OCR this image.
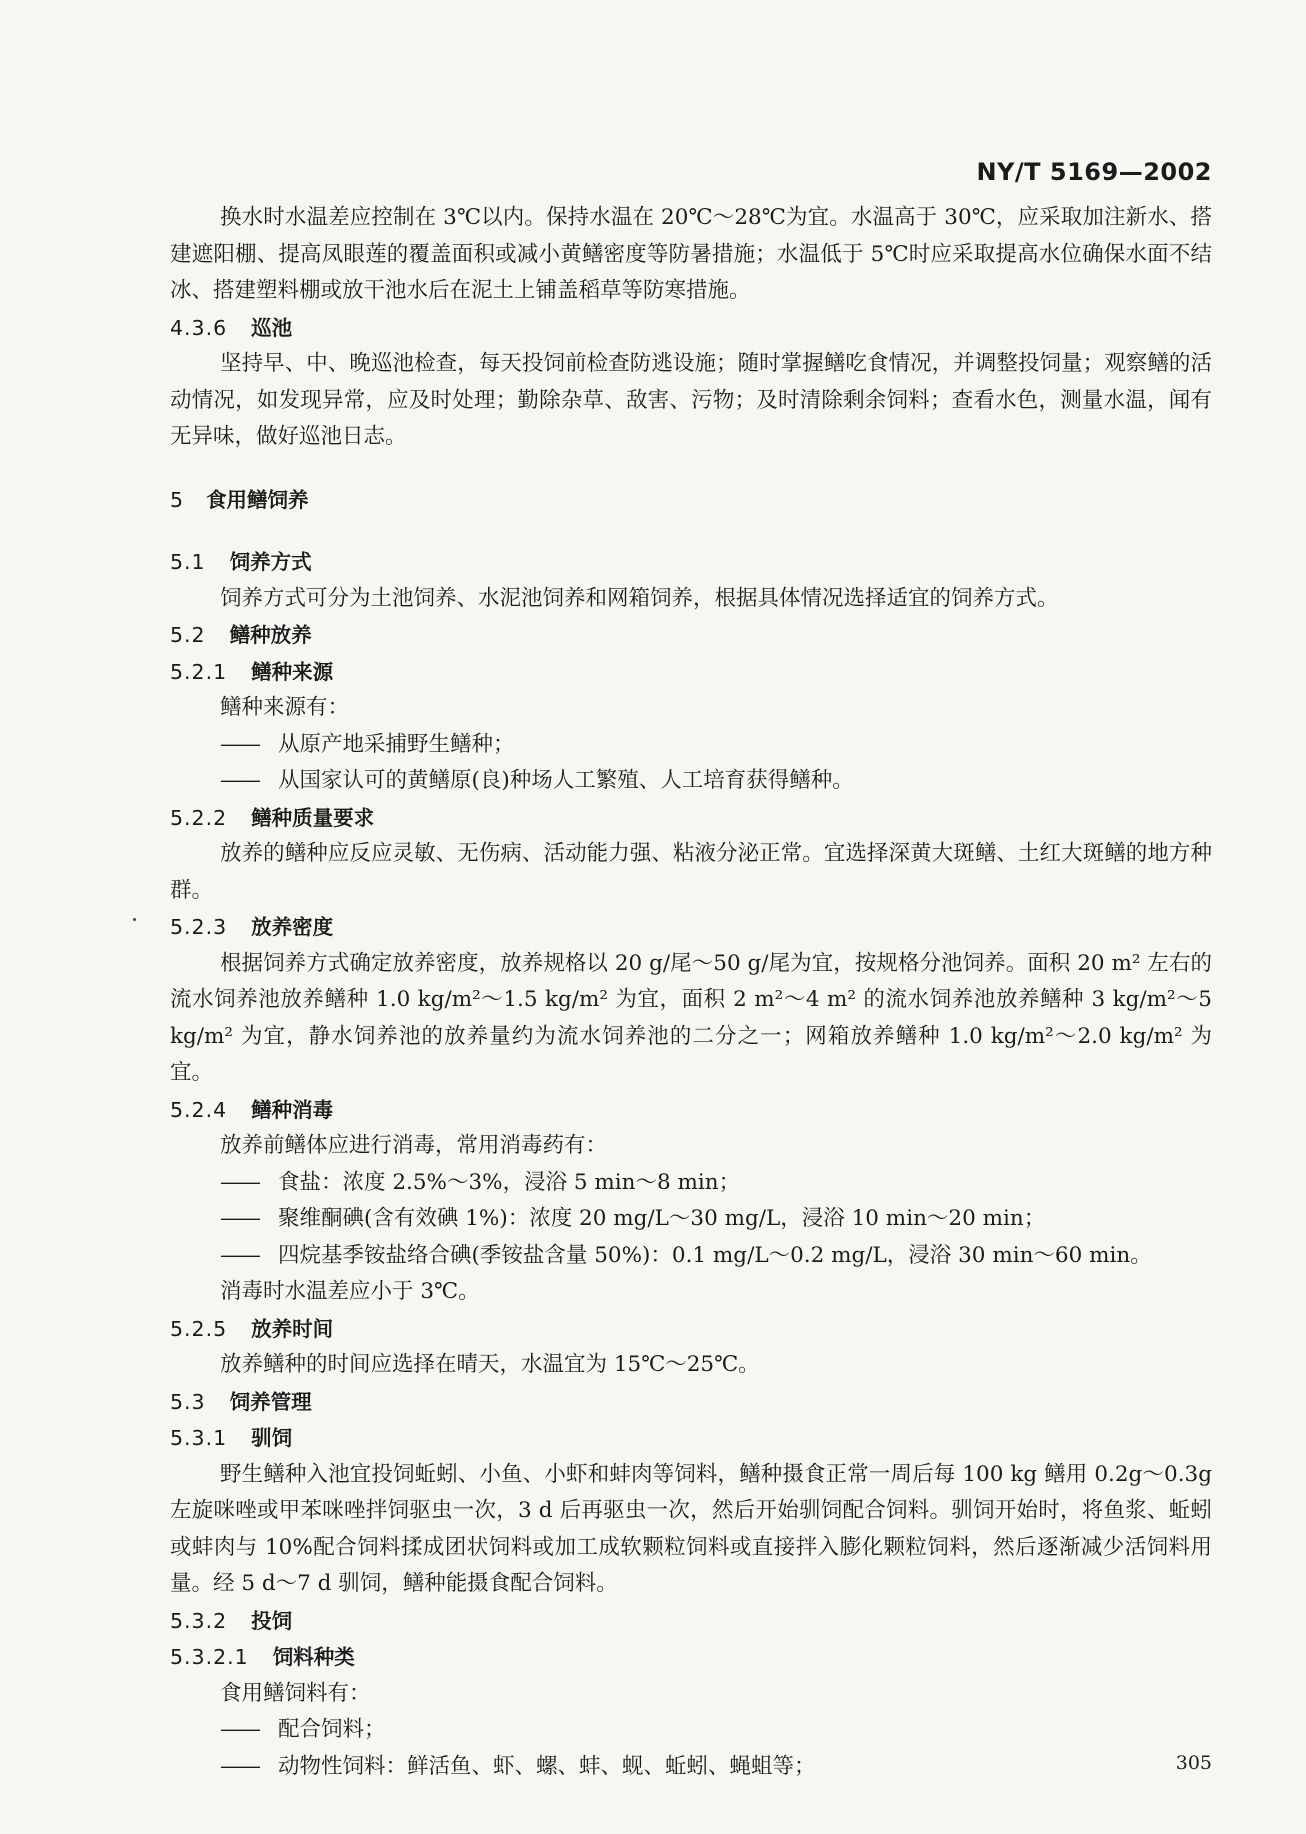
NY/T 5169—2002

换水时水温差应控制在 3℃以内。保持水温在 20℃～28℃为宜。水温高于 30℃，应采取加注新水、搭建遮阳棚、提高凤眼莲的覆盖面积或减小黄鳝密度等防暑措施；水温低于 5℃时应采取提高水位确保水面不结冰、搭建塑料棚或放干池水后在泥土上铺盖稻草等防寒措施。

4.3.6 巡池

坚持早、中、晚巡池检查，每天投饲前检查防逃设施；随时掌握鳝吃食情况，并调整投饲量；观察鳝的活动情况，如发现异常，应及时处理；勤除杂草、敌害、污物；及时清除剩余饲料；查看水色，测量水温，闻有无异味，做好巡池日志。

5 食用鳝饲养
5.1 饲养方式

饲养方式可分为土池饲养、水泥池饲养和网箱饲养，根据具体情况选择适宜的饲养方式。

5.2 鳝种放养
5.2.1 鳝种来源

鳝种来源有：

—— 从原产地采捕野生鳝种；
—— 从国家认可的黄鳝原(良)种场人工繁殖、人工培育获得鳝种。
5.2.2 鳝种质量要求

放养的鳝种应反应灵敏、无伤病、活动能力强、粘液分泌正常。宜选择深黄大斑鳝、土红大斑鳝的地方种群。

5.2.3 放养密度

根据饲养方式确定放养密度，放养规格以 20 g/尾～50 g/尾为宜，按规格分池饲养。面积 20 m² 左右的流水饲养池放养鳝种 1.0 kg/m²～1.5 kg/m² 为宜，面积 2 m²～4 m² 的流水饲养池放养鳝种 3 kg/m²～5 kg/m² 为宜，静水饲养池的放养量约为流水饲养池的二分之一；网箱放养鳝种 1.0 kg/m²～2.0 kg/m² 为宜。

5.2.4 鳝种消毒

放养前鳝体应进行消毒，常用消毒药有：

—— 食盐：浓度 2.5%～3%，浸浴 5 min～8 min；
—— 聚维酮碘(含有效碘 1%)：浓度 20 mg/L～30 mg/L，浸浴 10 min～20 min；
—— 四烷基季铵盐络合碘(季铵盐含量 50%)：0.1 mg/L～0.2 mg/L，浸浴 30 min～60 min。

消毒时水温差应小于 3℃。

5.2.5 放养时间

放养鳝种的时间应选择在晴天，水温宜为 15℃～25℃。

5.3 饲养管理
5.3.1 驯饲

野生鳝种入池宜投饲蚯蚓、小鱼、小虾和蚌肉等饲料，鳝种摄食正常一周后每 100 kg 鳝用 0.2g～0.3g左旋咪唑或甲苯咪唑拌饲驱虫一次，3 d 后再驱虫一次，然后开始驯饲配合饲料。驯饲开始时，将鱼浆、蚯蚓或蚌肉与 10%配合饲料揉成团状饲料或加工成软颗粒饲料或直接拌入膨化颗粒饲料，然后逐渐减少活饲料用量。经 5 d～7 d 驯饲，鳝种能摄食配合饲料。

5.3.2 投饲
5.3.2.1 饲料种类

食用鳝饲料有：

—— 配合饲料；
—— 动物性饲料：鲜活鱼、虾、螺、蚌、蚬、蚯蚓、蝇蛆等；	305
